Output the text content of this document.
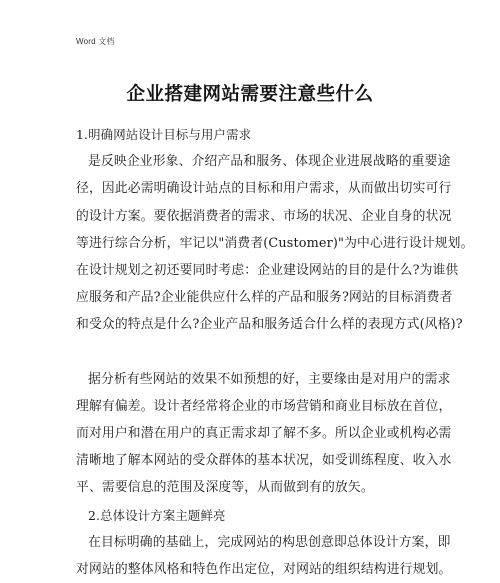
Word 文档
企业搭建网站需要注意些什么
1.明确网站设计目标与用户需求
是反映企业形象、介绍产品和服务、体现企业进展战略的重要途
径，因此必需明确设计站点的目标和用户需求，从而做出切实可行
的设计方案。要依据消费者的需求、市场的状况、企业自身的状况
等进行综合分析，牢记以"消费者(Customer)"为中心进行设计规划。
在设计规划之初还要同时考虑：企业建设网站的目的是什么?为谁供
应服务和产品?企业能供应什么样的产品和服务?网站的目标消费者
和受众的特点是什么?企业产品和服务适合什么样的表现方式(风格)?
据分析有些网站的效果不如预想的好，主要缘由是对用户的需求
理解有偏差。设计者经常将企业的市场营销和商业目标放在首位，
而对用户和潜在用户的真正需求却了解不多。所以企业或机构必需
清晰地了解本网站的受众群体的基本状况，如受训练程度、收入水
平、需要信息的范围及深度等，从而做到有的放矢。
2.总体设计方案主题鲜亮
在目标明确的基础上，完成网站的构思创意即总体设计方案，即
对网站的整体风格和特色作出定位，对网站的组织结构进行规划。
